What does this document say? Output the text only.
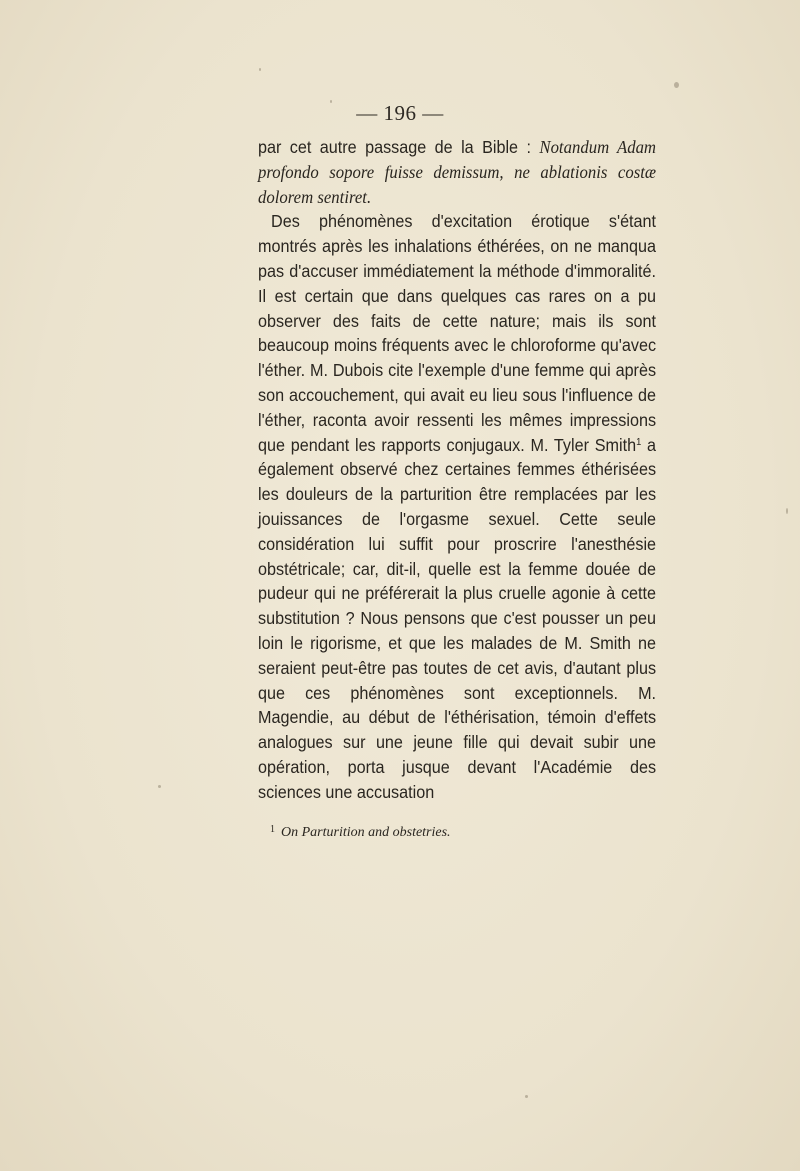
— 196 —

par cet autre passage de la Bible : Notandum Adam profondo sopore fuisse demissum, ne ablationis costæ dolorem sentiret.

Des phénomènes d'excitation érotique s'étant montrés après les inhalations éthérées, on ne manqua pas d'accuser immédiatement la méthode d'immoralité. Il est certain que dans quelques cas rares on a pu observer des faits de cette nature; mais ils sont beaucoup moins fréquents avec le chloroforme qu'avec l'éther. M. Dubois cite l'exemple d'une femme qui après son accouchement, qui avait eu lieu sous l'influence de l'éther, raconta avoir ressenti les mêmes impressions que pendant les rapports conjugaux. M. Tyler Smith$^1$ a également observé chez certaines femmes éthérisées les douleurs de la parturition être remplacées par les jouissances de l'orgasme sexuel. Cette seule considération lui suffit pour proscrire l'anesthésie obstétricale; car, dit-il, quelle est la femme douée de pudeur qui ne préférerait la plus cruelle agonie à cette substitution ? Nous pensons que c'est pousser un peu loin le rigorisme, et que les malades de M. Smith ne seraient peut-être pas toutes de cet avis, d'autant plus que ces phénomènes sont exceptionnels. M. Magendie, au début de l'éthérisation, témoin d'effets analogues sur une jeune fille qui devait subir une opération, porta jusque devant l'Académie des sciences une accusation

$^1$ On Parturition and obstetries.
